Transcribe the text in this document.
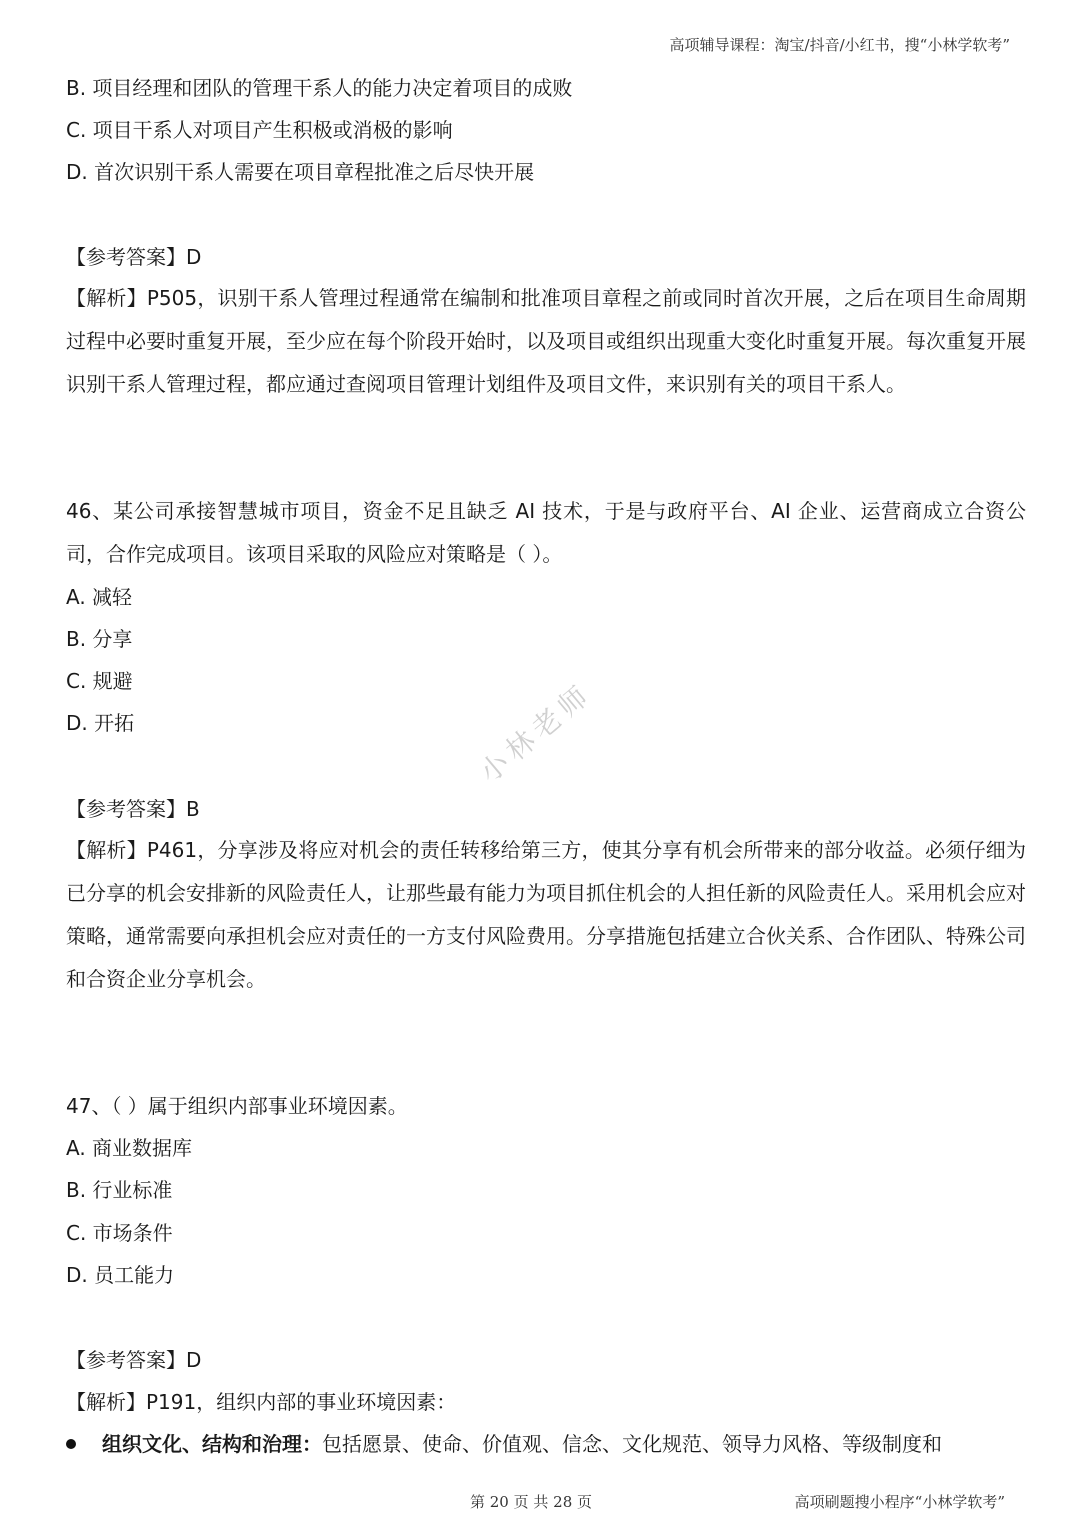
高项辅导课程：淘宝/抖音/小红书，搜“小林学软考”
B. 项目经理和团队的管理干系人的能力决定着项目的成败
C. 项目干系人对项目产生积极或消极的影响
D. 首次识别干系人需要在项目章程批准之后尽快开展
【参考答案】D
【解析】P505，识别干系人管理过程通常在编制和批准项目章程之前或同时首次开展，之后在项目生命周期过程中必要时重复开展，至少应在每个阶段开始时，以及项目或组织出现重大变化时重复开展。每次重复开展识别干系人管理过程，都应通过查阅项目管理计划组件及项目文件，来识别有关的项目干系人。
46、某公司承接智慧城市项目，资金不足且缺乏 AI 技术，于是与政府平台、AI 企业、运营商成立合资公司，合作完成项目。该项目采取的风险应对策略是（ ）。
A. 减轻
B. 分享
C. 规避
D. 开拓
【参考答案】B
【解析】P461，分享涉及将应对机会的责任转移给第三方，使其分享有机会所带来的部分收益。必须仔细为已分享的机会安排新的风险责任人，让那些最有能力为项目抓住机会的人担任新的风险责任人。采用机会应对策略，通常需要向承担机会应对责任的一方支付风险费用。分享措施包括建立合伙关系、合作团队、特殊公司和合资企业分享机会。
47、（ ）属于组织内部事业环境因素。
A. 商业数据库
B. 行业标准
C. 市场条件
D. 员工能力
【参考答案】D
【解析】P191，组织内部的事业环境因素：
组织文化、结构和治理：包括愿景、使命、价值观、信念、文化规范、领导力风格、等级制度和
小林老师
第 20 页 共 28 页	高项刷题搜小程序“小林学软考”
